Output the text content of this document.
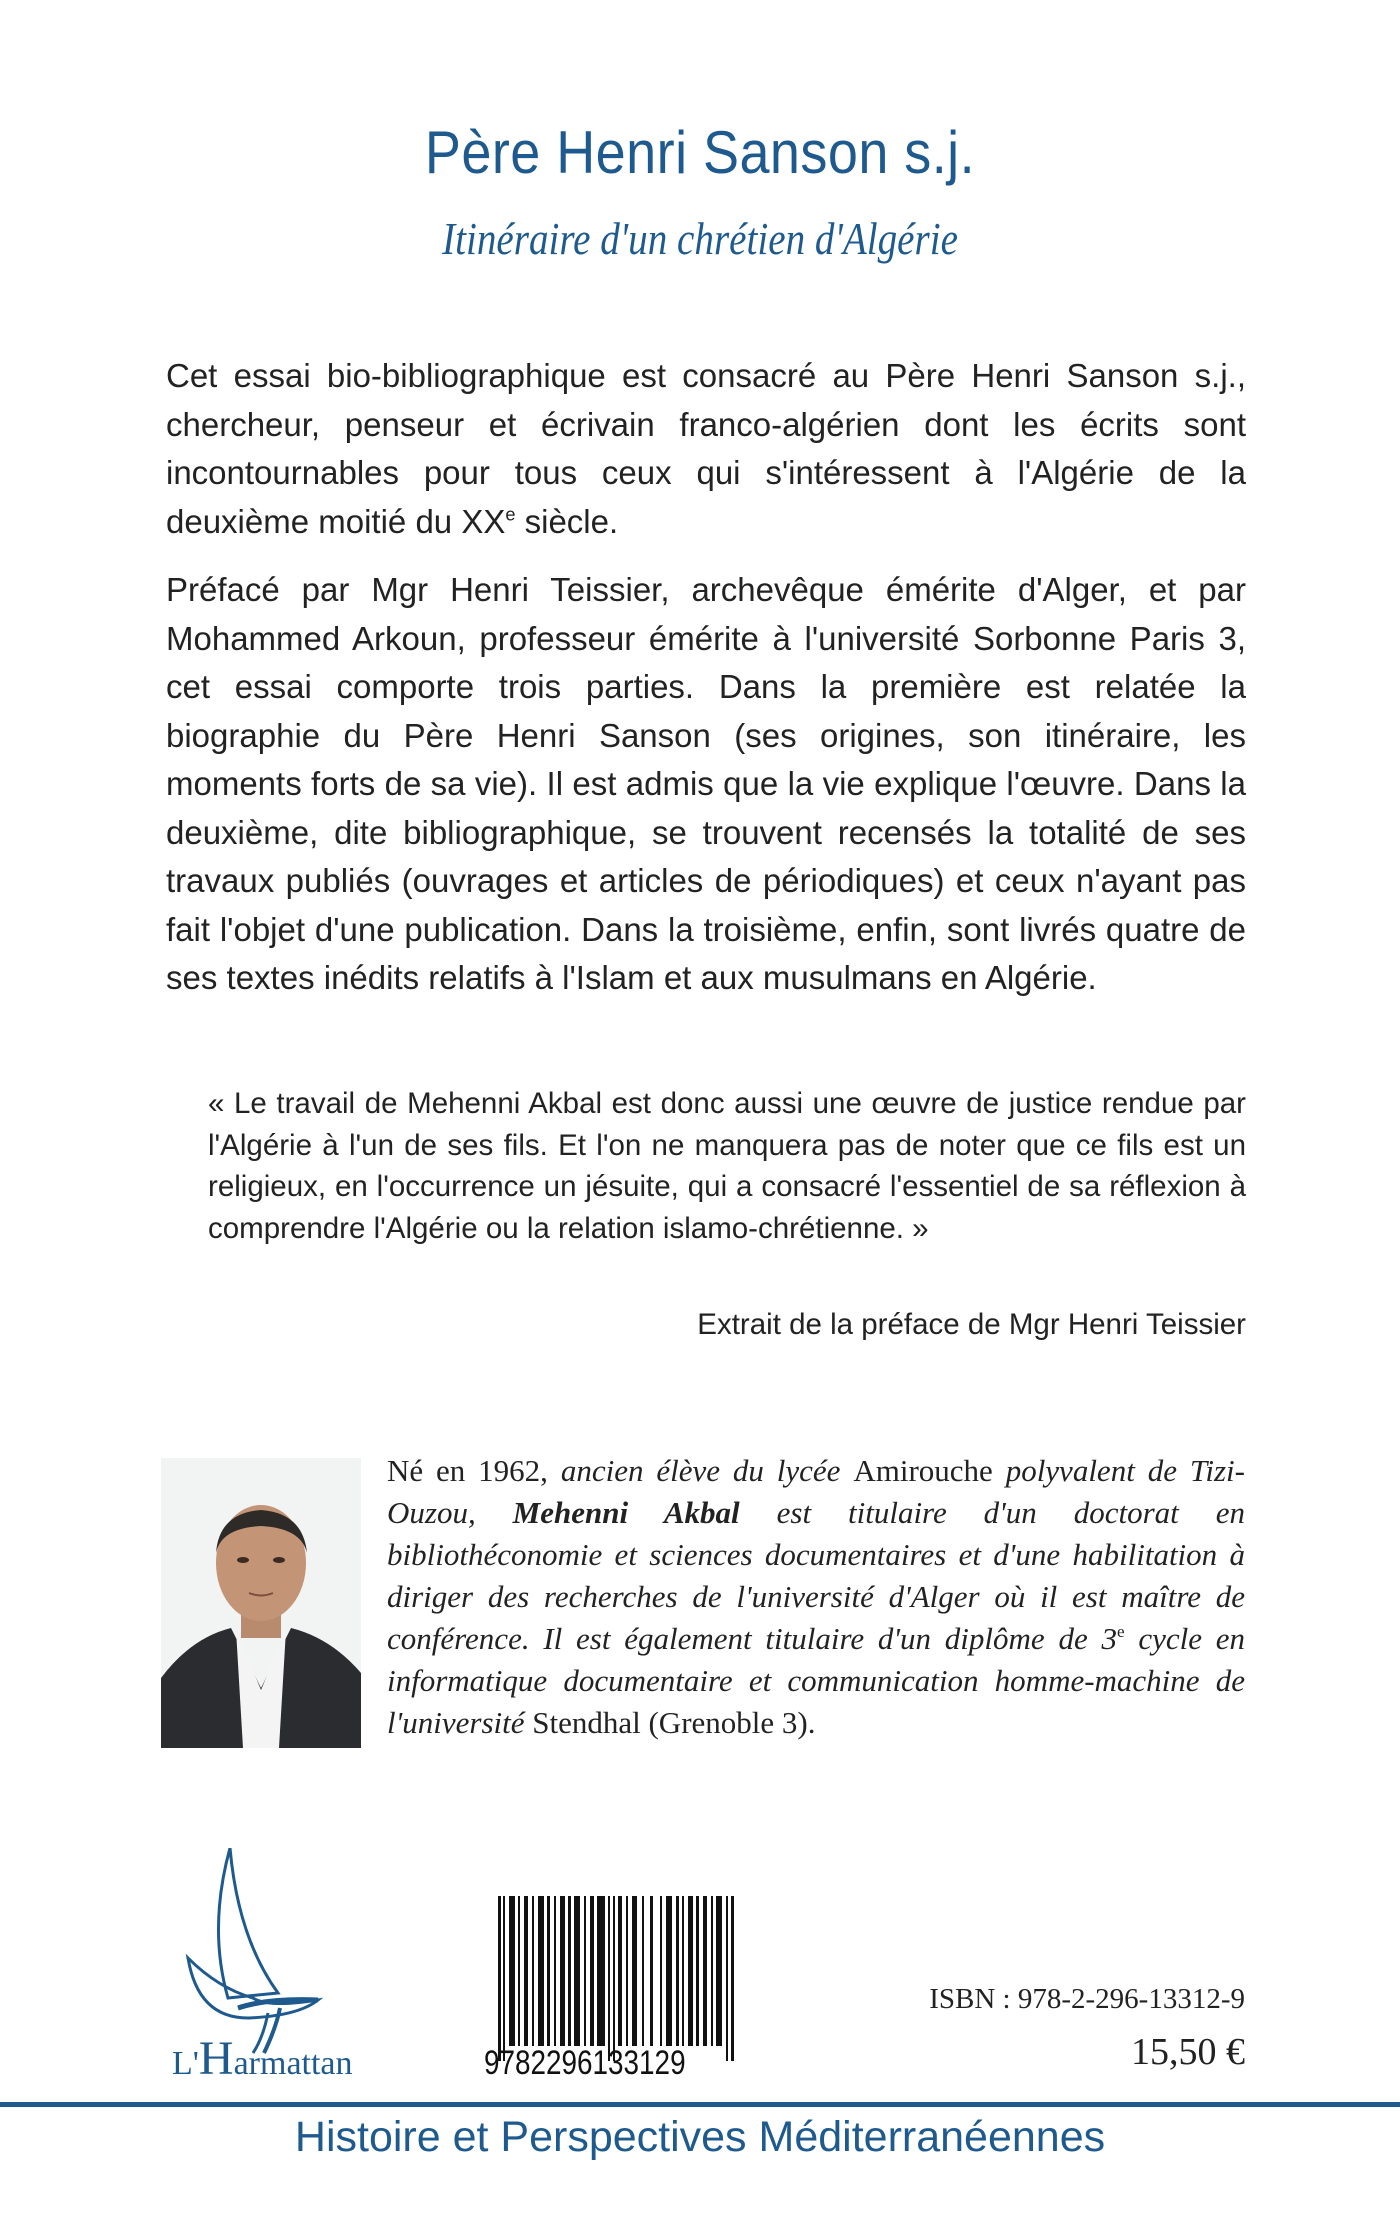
Père Henri Sanson s.j.
Itinéraire d'un chrétien d'Algérie
Cet essai bio-bibliographique est consacré au Père Henri Sanson s.j., chercheur, penseur et écrivain franco-algérien dont les écrits sont incontournables pour tous ceux qui s'intéressent à l'Algérie de la deuxième moitié du XXe siècle.
Préfacé par Mgr Henri Teissier, archevêque émérite d'Alger, et par Mohammed Arkoun, professeur émérite à l'université Sorbonne Paris 3, cet essai comporte trois parties. Dans la première est relatée la biographie du Père Henri Sanson (ses origines, son itinéraire, les moments forts de sa vie). Il est admis que la vie explique l'œuvre. Dans la deuxième, dite bibliographique, se trouvent recensés la totalité de ses travaux publiés (ouvrages et articles de périodiques) et ceux n'ayant pas fait l'objet d'une publication. Dans la troisième, enfin, sont livrés quatre de ses textes inédits relatifs à l'Islam et aux musulmans en Algérie.
« Le travail de Mehenni Akbal est donc aussi une œuvre de justice rendue par l'Algérie à l'un de ses fils. Et l'on ne manquera pas de noter que ce fils est un religieux, en l'occurrence un jésuite, qui a consacré l'essentiel de sa réflexion à comprendre l'Algérie ou la relation islamo-chrétienne. »
Extrait de la préface de Mgr Henri Teissier
Né en 1962, ancien élève du lycée Amirouche polyvalent de Tizi-Ouzou, Mehenni Akbal est titulaire d'un doctorat en bibliothéconomie et sciences documentaires et d'une habilitation à diriger des recherches de l'université d'Alger où il est maître de conférence. Il est également titulaire d'un diplôme de 3e cycle en informatique documentaire et communication homme-machine de l'université Stendhal (Grenoble 3).
L'Harmattan	9782296133129
ISBN : 978-2-296-13312-9
15,50 €
Histoire et Perspectives Méditerranéennes
